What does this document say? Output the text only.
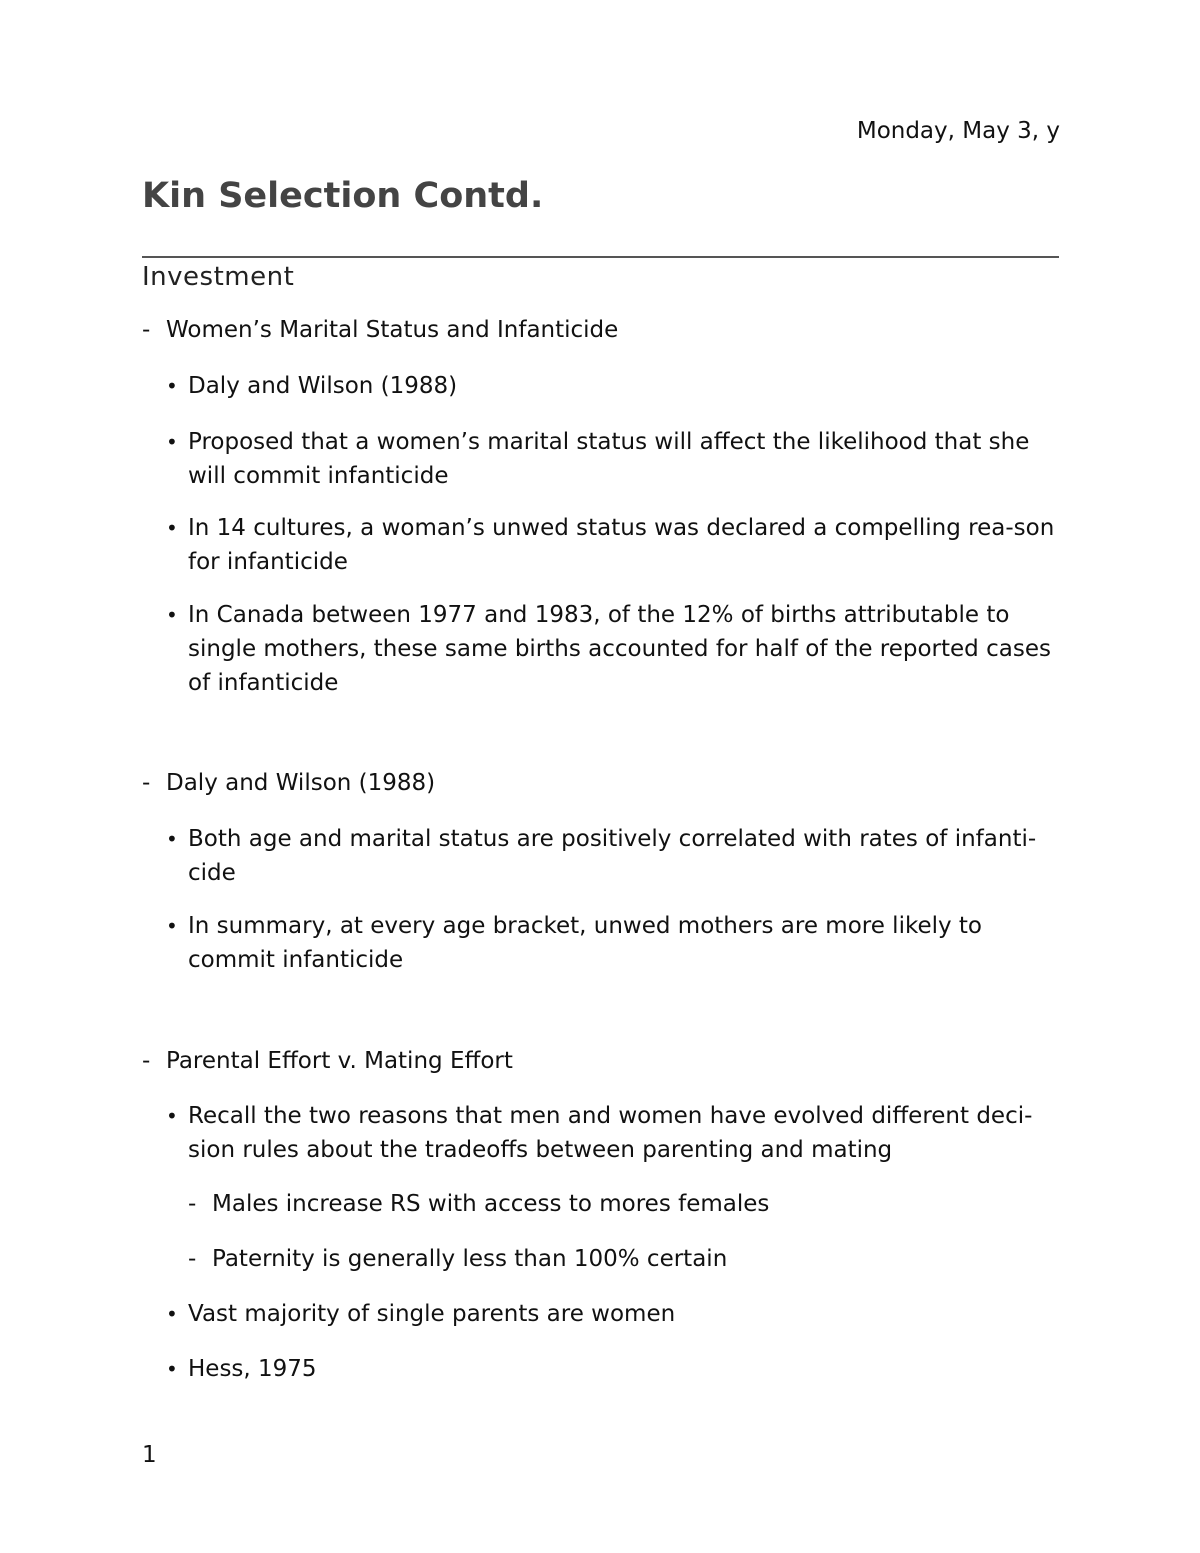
Monday, May 3, y
Kin Selection Contd.
Investment
- Women’s Marital Status and Infanticide
• Daly and Wilson (1988)
• Proposed that a women’s marital status will affect the likelihood that she will commit infanticide
• In 14 cultures, a woman’s unwed status was declared a compelling rea-son for infanticide
• In Canada between 1977 and 1983, of the 12% of births attributable to single mothers, these same births accounted for half of the reported cases of infanticide
- Daly and Wilson (1988)
• Both age and marital status are positively correlated with rates of infanti-cide
• In summary, at every age bracket, unwed mothers are more likely to commit infanticide
- Parental Effort v. Mating Effort
• Recall the two reasons that men and women have evolved different deci-sion rules about the tradeoffs between parenting and mating
- Males increase RS with access to mores females
- Paternity is generally less than 100% certain
• Vast majority of single parents are women
• Hess, 1975
1
